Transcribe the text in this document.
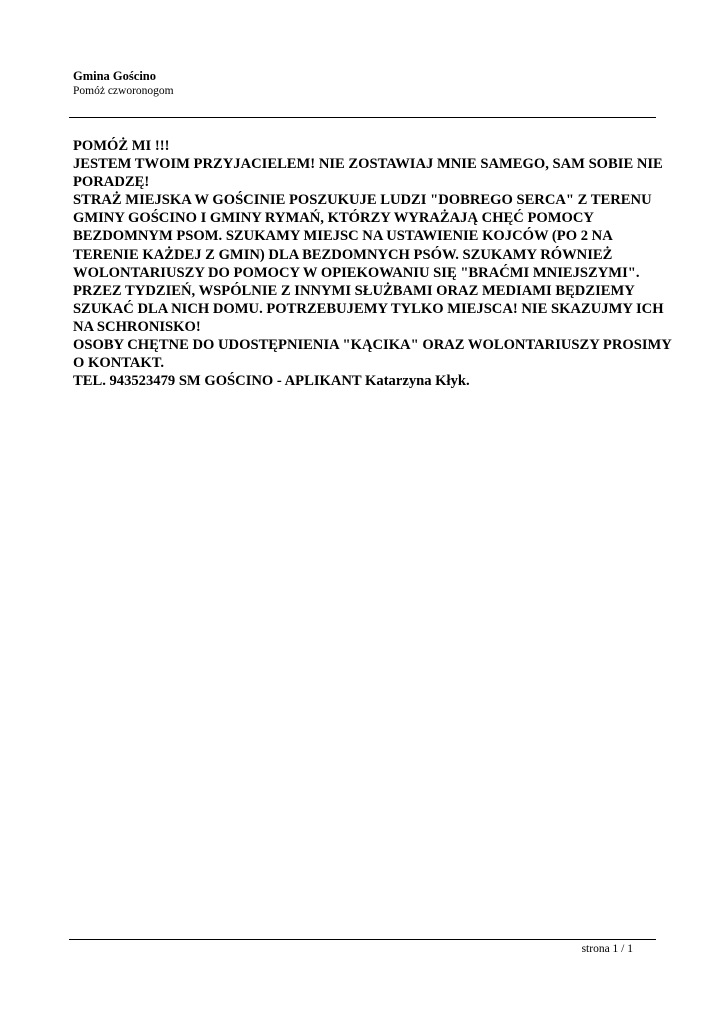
Gmina Gościno
Pomóż czworonogom

POMÓŻ MI !!!

JESTEM TWOIM PRZYJACIELEM! NIE ZOSTAWIAJ MNIE SAMEGO, SAM SOBIE NIE PORADZĘ!

STRAŻ MIEJSKA W GOŚCINIE POSZUKUJE LUDZI "DOBREGO SERCA" Z TERENU GMINY GOŚCINO I GMINY RYMAŃ, KTÓRZY WYRAŻAJĄ CHĘĆ POMOCY BEZDOMNYM PSOM. SZUKAMY MIEJSC NA USTAWIENIE KOJCÓW (PO 2 NA TERENIE KAŻDEJ Z GMIN) DLA BEZDOMNYCH PSÓW. SZUKAMY RÓWNIEŻ WOLONTARIUSZY DO POMOCY W OPIEKOWANIU SIĘ "BRAĆMI MNIEJSZYMI".

PRZEZ TYDZIEŃ, WSPÓLNIE Z INNYMI SŁUŻBAMI ORAZ MEDIAMI BĘDZIEMY SZUKAĆ DLA NICH DOMU. POTRZEBUJEMY TYLKO MIEJSCA! NIE SKAZUJMY ICH NA SCHRONISKO!

OSOBY CHĘTNE DO UDOSTĘPNIENIA "KĄCIKA" ORAZ WOLONTARIUSZY PROSIMY O KONTAKT.

TEL. 943523479 SM GOŚCINO - APLIKANT Katarzyna Kłyk.

strona 1 / 1
